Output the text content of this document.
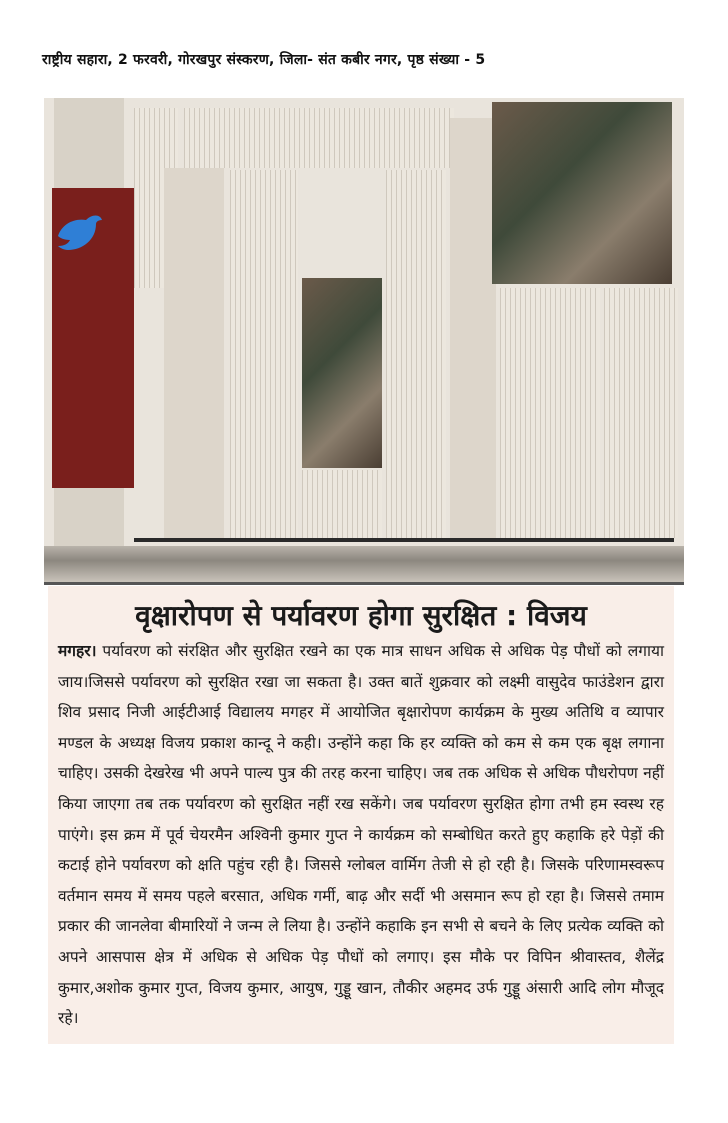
राष्ट्रीय सहारा, 2 फरवरी, गोरखपुर संस्करण, जिला- संत कबीर नगर, पृष्ठ संख्या - 5
वृक्षारोपण से पर्यावरण होगा सुरक्षित : विजय
मगहर। पर्यावरण को संरक्षित और सुरक्षित रखने का एक मात्र साधन अधिक से अधिक पेड़ पौधों को लगाया जाय।जिससे पर्यावरण को सुरक्षित रखा जा सकता है। उक्त बातें शुक्रवार को लक्ष्मी वासुदेव फाउंडेशन द्वारा शिव प्रसाद निजी आईटीआई विद्यालय मगहर में आयोजित बृक्षारोपण कार्यक्रम के मुख्य अतिथि व व्यापार मण्डल के अध्यक्ष विजय प्रकाश कान्दू ने कही। उन्होंने कहा कि हर व्यक्ति को कम से कम एक बृक्ष लगाना चाहिए। उसकी देखरेख भी अपने पाल्य पुत्र की तरह करना चाहिए। जब तक अधिक से अधिक पौधरोपण नहीं किया जाएगा तब तक पर्यावरण को सुरक्षित नहीं रख सकेंगे। जब पर्यावरण सुरक्षित होगा तभी हम स्वस्थ रह पाएंगे। इस क्रम में पूर्व चेयरमैन अश्विनी कुमार गुप्त ने कार्यक्रम को सम्बोधित करते हुए कहाकि हरे पेड़ों की कटाई होने पर्यावरण को क्षति पहुंच रही है। जिससे ग्लोबल वार्मिग तेजी से हो रही है। जिसके परिणामस्वरूप वर्तमान समय में समय पहले बरसात, अधिक गर्मी, बाढ़ और सर्दी भी असमान रूप हो रहा है। जिससे तमाम प्रकार की जानलेवा बीमारियों ने जन्म ले लिया है। उन्होंने कहाकि इन सभी से बचने के लिए प्रत्येक व्यक्ति को अपने आसपास क्षेत्र में अधिक से अधिक पेड़ पौधों को लगाए। इस मौके पर विपिन श्रीवास्तव, शैलेंद्र कुमार,अशोक कुमार गुप्त, विजय कुमार, आयुष, गुड्डू खान, तौकीर अहमद उर्फ गुड्डू अंसारी आदि लोग मौजूद रहे।
